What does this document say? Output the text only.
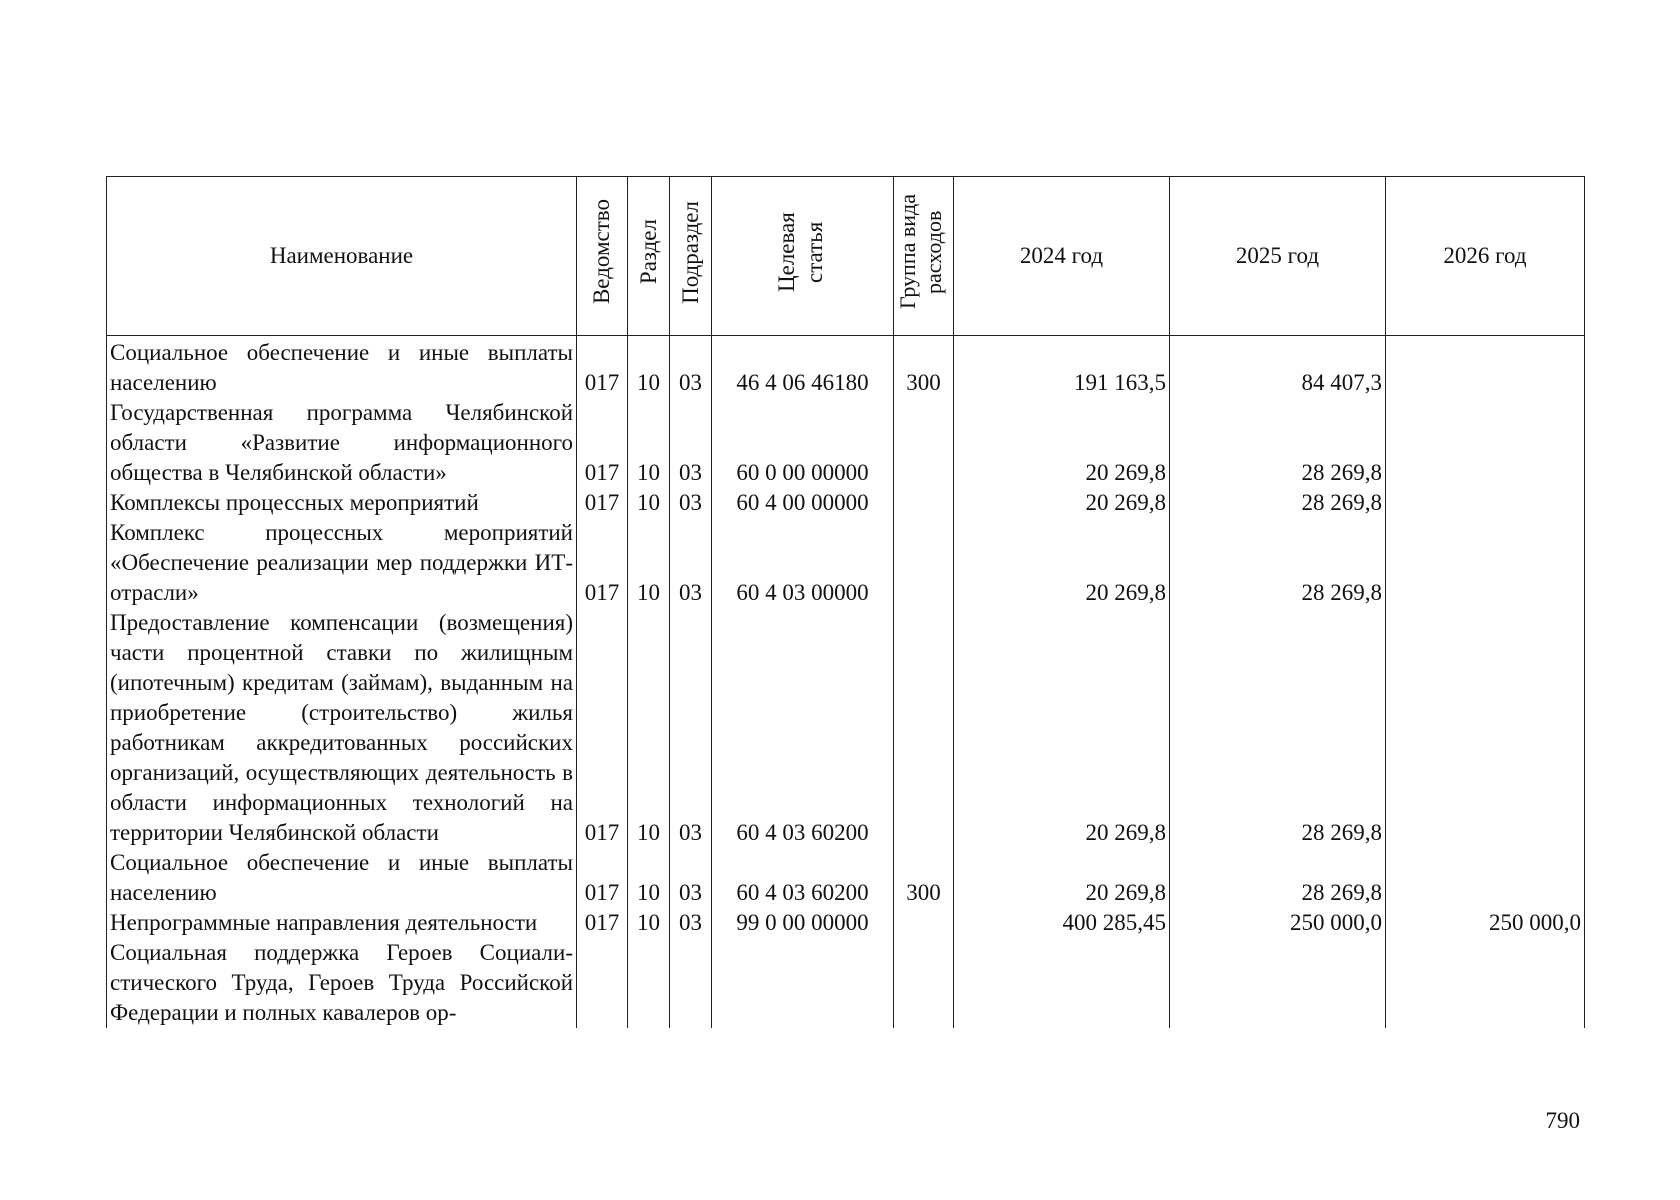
Наименование	Ведомство	Раздел	Подраздел	Целевая статья	Группа вида расходов	2024 год	2025 год	2026 год
Социальное обеспечение и иные выплаты населению	017	10	03	46 4 06 46180	300	191 163,5	84 407,3	
Государственная программа Челябинской области «Развитие информационного общества в Челябинской области»	017	10	03	60 0 00 00000		20 269,8	28 269,8	
Комплексы процессных мероприятий	017	10	03	60 4 00 00000		20 269,8	28 269,8	
Комплекс процессных мероприятий «Обеспечение реализации мер поддержки ИТ-отрасли»	017	10	03	60 4 03 00000		20 269,8	28 269,8	
Предоставление компенсации (возмещения) части процентной ставки по жилищным (ипотечным) кредитам (займам), выданным на приобретение (строительство) жилья работникам аккредитованных российских организаций, осуществляющих деятельность в области информационных технологий на территории Челябинской области	017	10	03	60 4 03 60200		20 269,8	28 269,8	
Социальное обеспечение и иные выплаты населению	017	10	03	60 4 03 60200	300	20 269,8	28 269,8	
Непрограммные направления деятельности	017	10	03	99 0 00 00000		400 285,45	250 000,0	250 000,0
Социальная поддержка Героев Социалистического Труда, Героев Труда Российской Федерации и полных кавалеров ор-								
790
